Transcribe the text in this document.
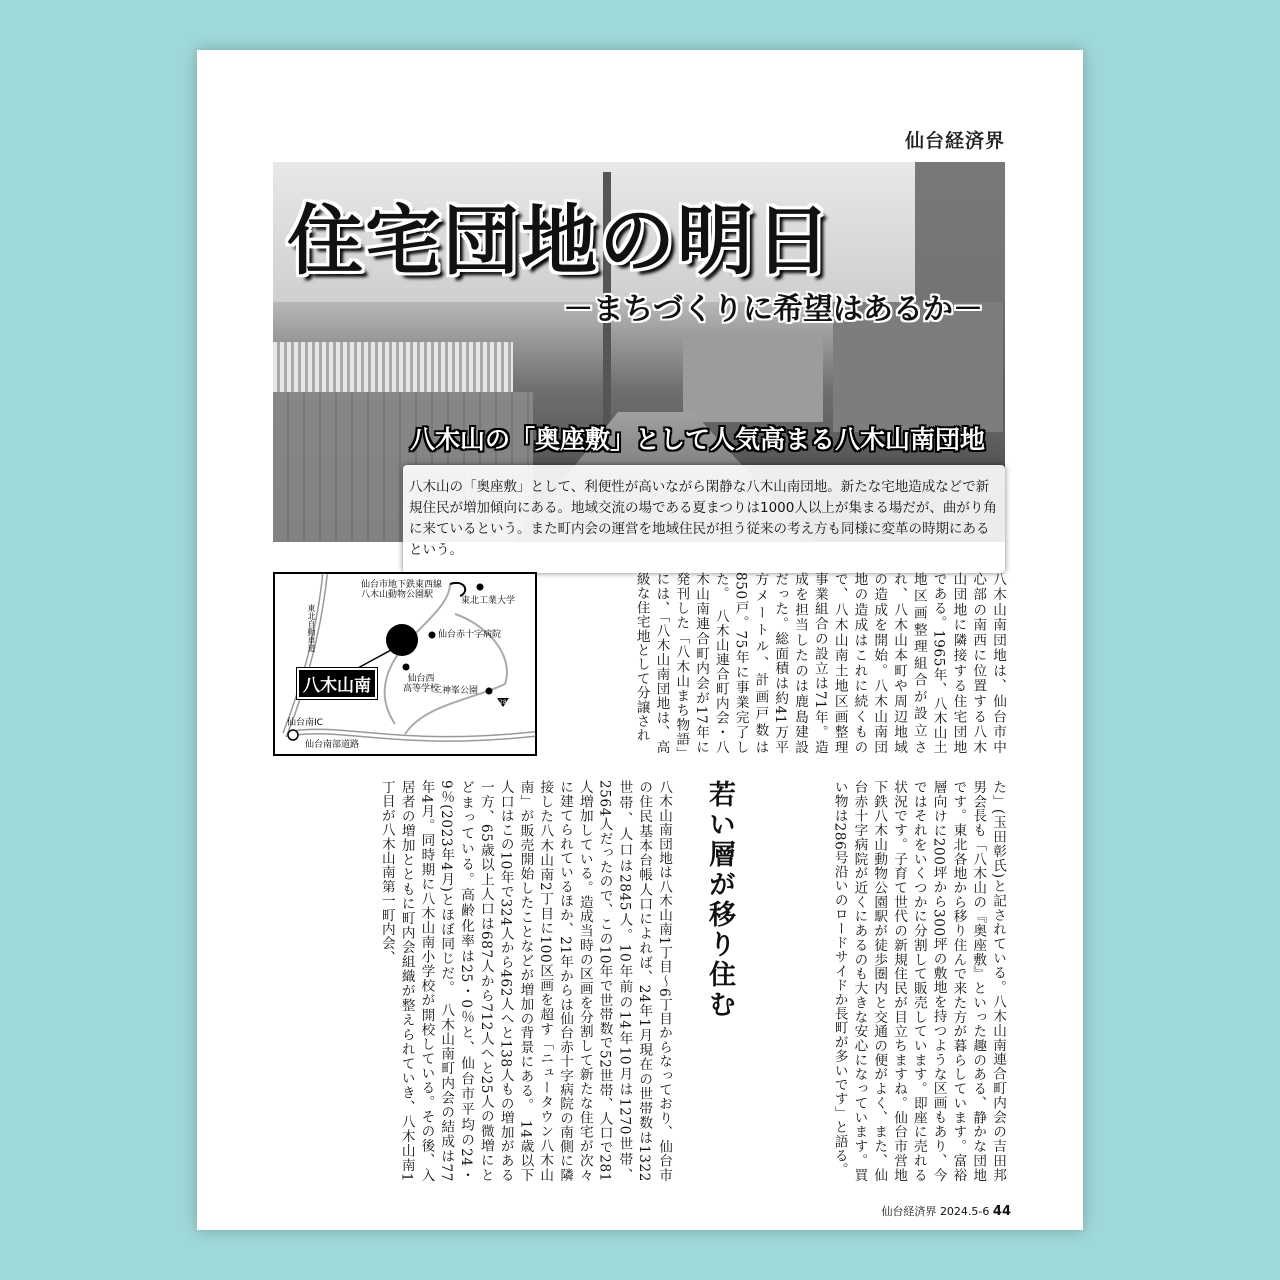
仙台経済界
住宅団地の明日
－まちづくりに希望はあるか－
八木山の「奥座敷」として人気高まる八木山南団地
八木山の「奥座敷」として、利便性が高いながら閑静な八木山南団地。新たな宅地造成などで新規住民が増加傾向にある。地域交流の場である夏まつりは1000人以上が集まる場だが、曲がり角に来ているという。また町内会の運営を地域住民が担う従来の考え方も同様に変革の時期にあるという。
仙台市地下鉄東西線
八木山動物公園駅
東北工業大学
仙台赤十字病院
仙台西
高等学校
三神峯公園
286
仙台南IC
仙台南部道路
東北自動車道
八木山南	八木山南団地は、仙台市中心部の南西に位置する八木山団地に隣接する住宅団地である。1965年、八木山土地区画整理組合が設立され、八木山本町や周辺地域の造成を開始。八木山南団地の造成はこれに続くもので、八木山南土地区画整理事業組合の設立は71年。造成を担当したのは鹿島建設だった。総面積は約41万平方メートル、計画戸数は850戸。75年に事業完了した。　八木山連合町内会・八木山南連合町内会が17年に発刊した「八木山まち物語」には、「八木山南団地は、高級な住宅地として分譲され
た」(玉田彰氏)と記されている。八木山南連合町内会の吉田邦男会長も「八木山の『奥座敷』といった趣のある、静かな団地です。東北各地から移り住んで来た方が暮らしています。富裕層向けに200坪から300坪の敷地を持つような区画もあり、今ではそれをいくつかに分割して販売しています。即座に売れる状況です。子育て世代の新規住民が目立ちますね。仙台市営地下鉄八木山動物公園駅が徒歩圏内と交通の便がよく、また、仙台赤十字病院が近くにあるのも大きな安心になっています。買い物は286号沿いのロードサイドか長町が多いです」と語る。
若い層が移り住む
八木山南団地は八木山南1丁目～6丁目からなっており、仙台市の住民基本台帳人口によれば、24年1月現在の世帯数は1322世帯、人口は2845人。10年前の14年10月は1270世帯、2564人だったので、この10年で世帯数で52世帯、人口で281人増加している。造成当時の区画を分割して新たな住宅が次々に建てられているほか、21年からは仙台赤十字病院の南側に隣接した八木山南2丁目に100区画を超す「ニュータウン八木山南」が販売開始したことなどが増加の背景にある。　14歳以下人口はこの10年で324人から462人へと138人もの増加がある一方、65歳以上人口は687人から712人へと25人の微増にとどまっている。高齢化率は25・0％と、仙台市平均の24・9％(2023年4月)とほぼ同じだ。　八木山南町内会の結成は77年4月。同時期に八木山南小学校が開校している。その後、入居者の増加とともに町内会組織が整えられていき、八木山南1丁目が八木山南第一町内会、
仙台経済界 2024.5-6 44
